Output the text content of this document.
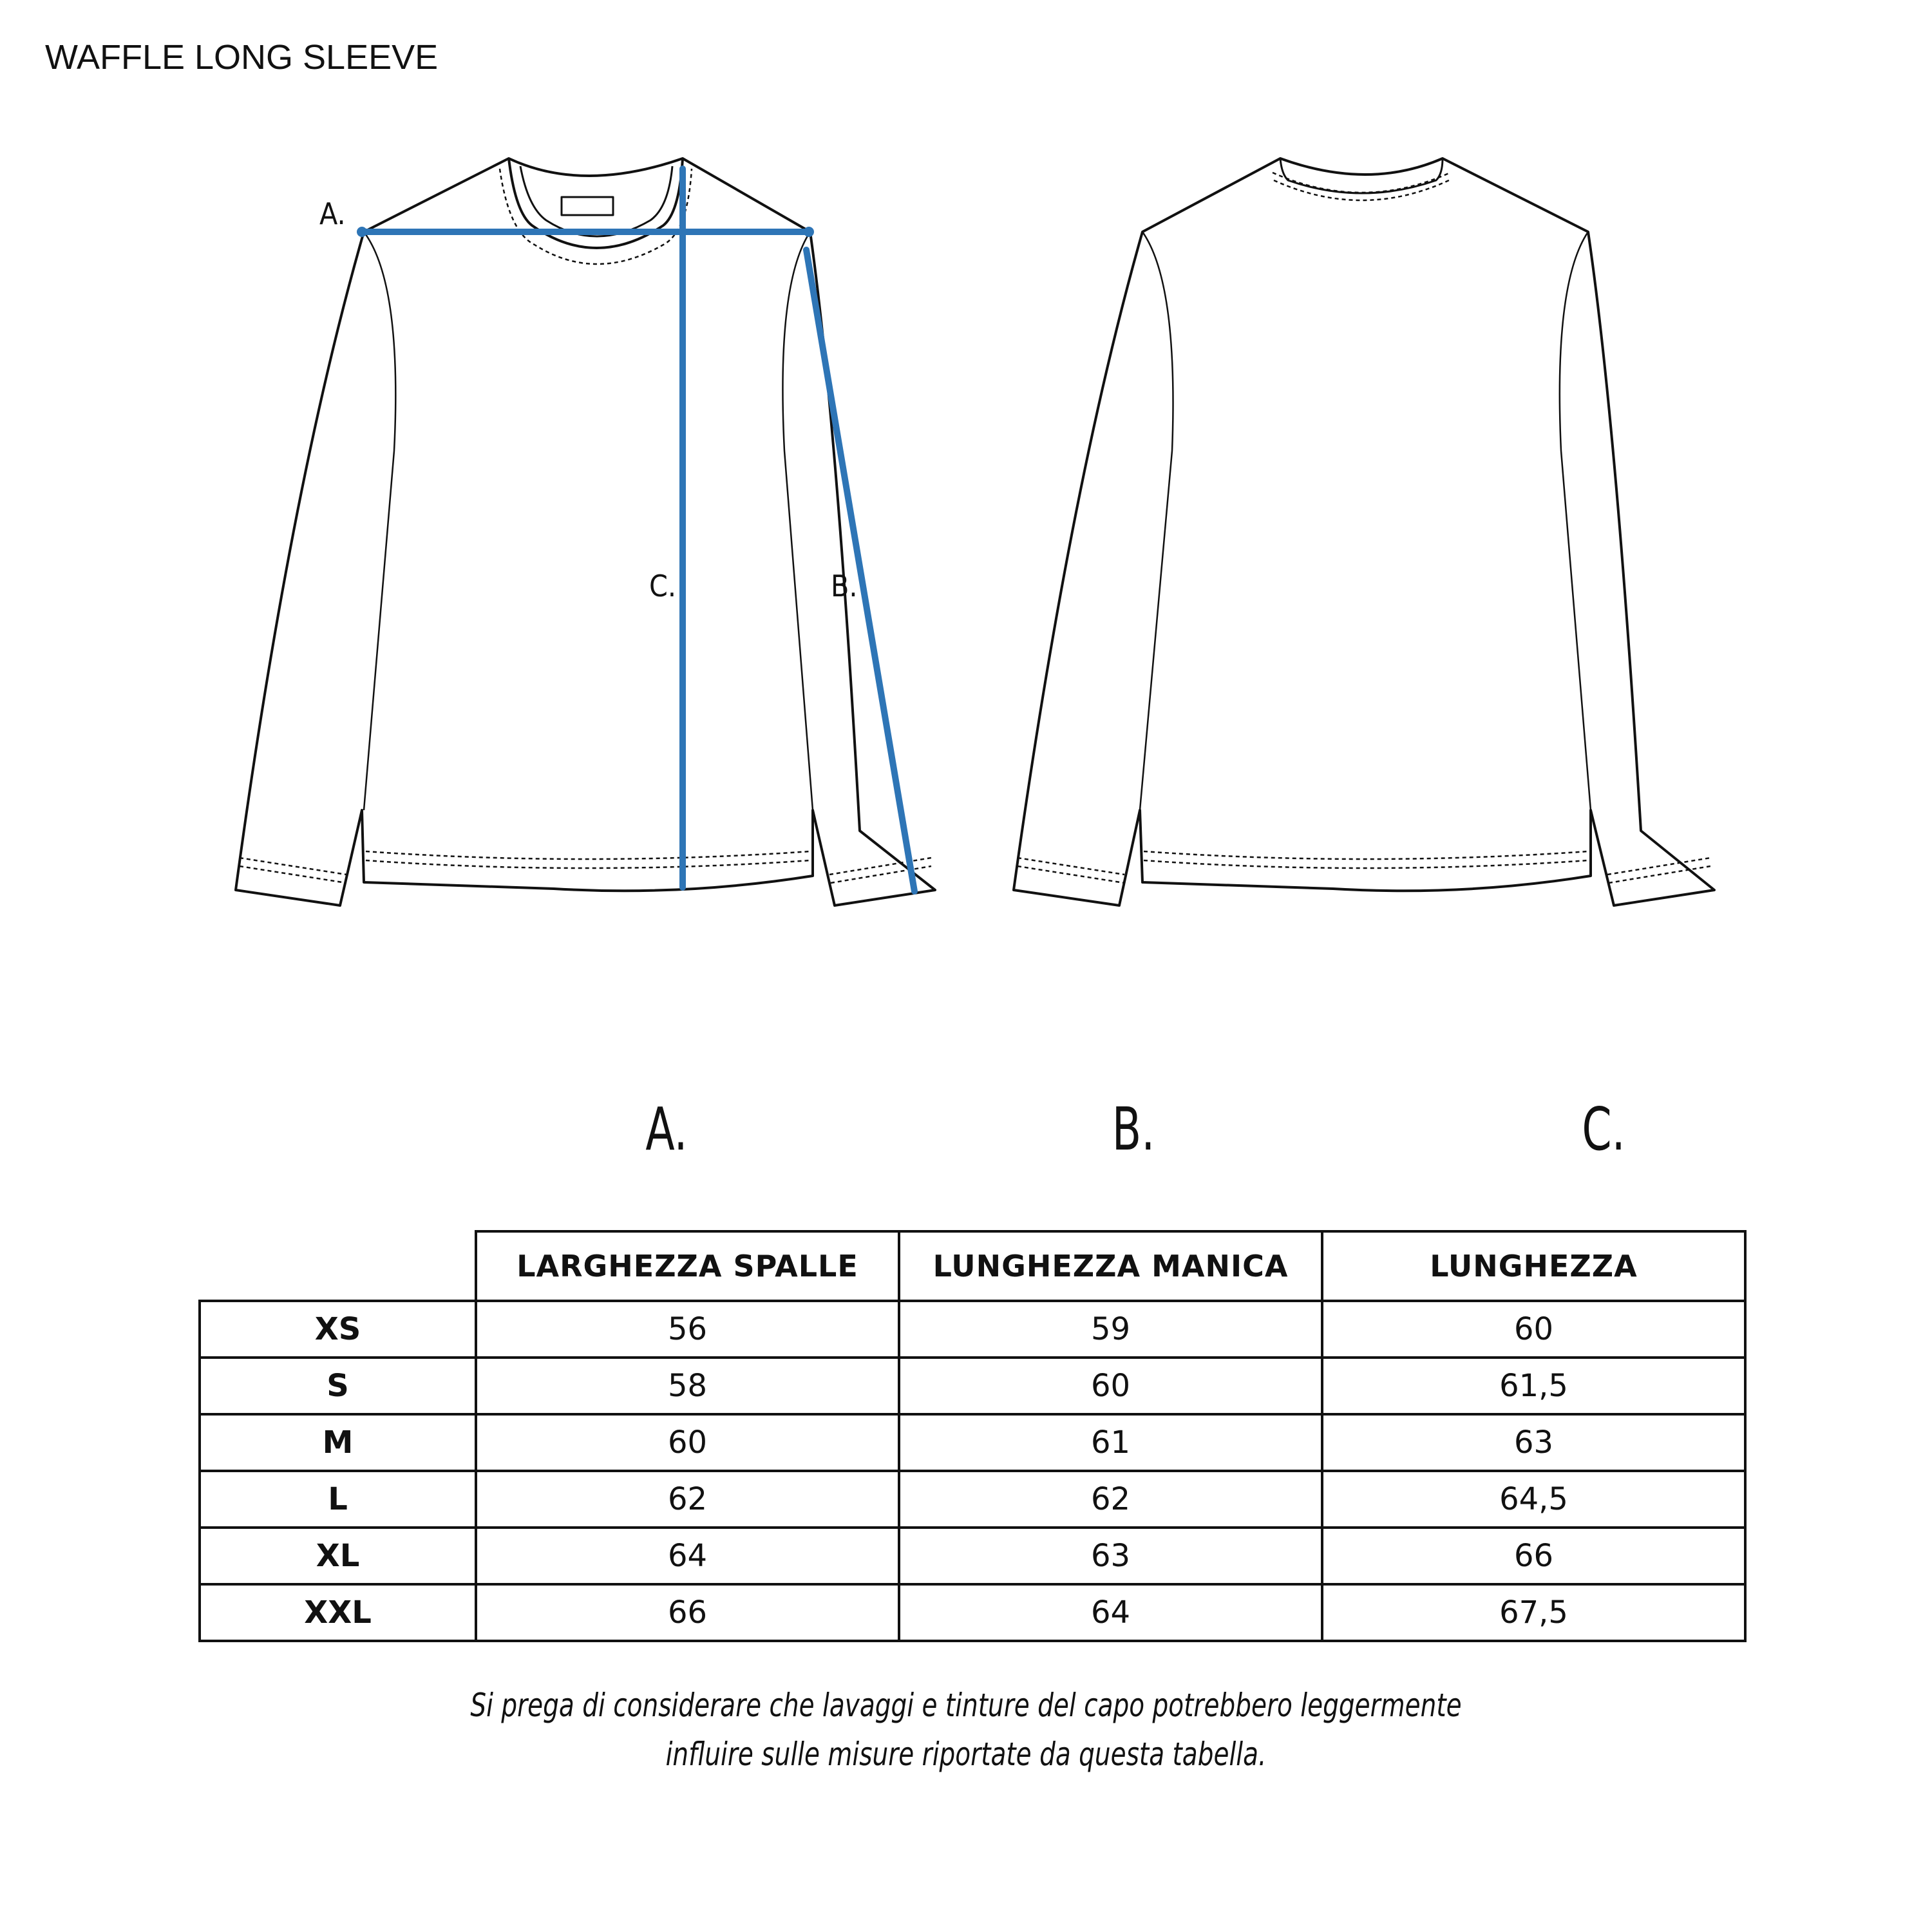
WAFFLE LONG SLEEVE
A.
C.	B.
A.	B.	C.
	LARGHEZZA SPALLE	LUNGHEZZA MANICA	LUNGHEZZA
XS	56	59	60
S	58	60	61,5
M	60	61	63
L	62	62	64,5
XL	64	63	66
XXL	66	64	67,5
Si prega di considerare che lavaggi e tinture del capo potrebbero leggermente
influire sulle misure riportate da questa tabella.
